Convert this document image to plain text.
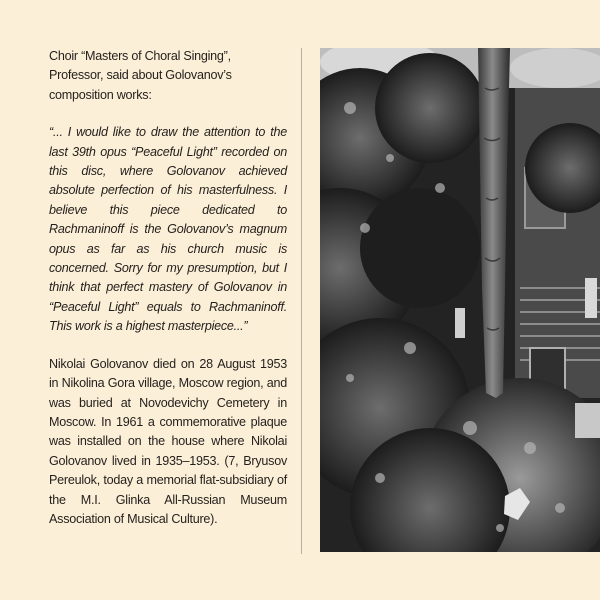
Choir “Masters of Choral Singing”, Professor, said about Golovanov’s composition works:

“... I would like to draw the attention to the last 39th opus “Peaceful Light” recorded on this disc, where Golovanov achieved absolute perfection of his masterfulness. I believe this piece dedicated to Rachmaninoff is the Golovanov’s magnum opus as far as his church music is concerned. Sorry for my presumption, but I think that perfect mastery of Golovanov in “Peaceful Light” equals to Rachmaninoff. This work is a highest masterpiece...”

Nikolai Golovanov died on 28 August 1953 in Nikolina Gora village, Moscow region, and was buried at Novodevichy Cemetery in Moscow. In 1961 a commemorative plaque was installed on the house where Nikolai Golovanov lived in 1935–1953. (7, Bryusov Pereulok, today a memorial flat-subsidiary of the M.I. Glinka All-Russian Museum Association of Musical Culture).
